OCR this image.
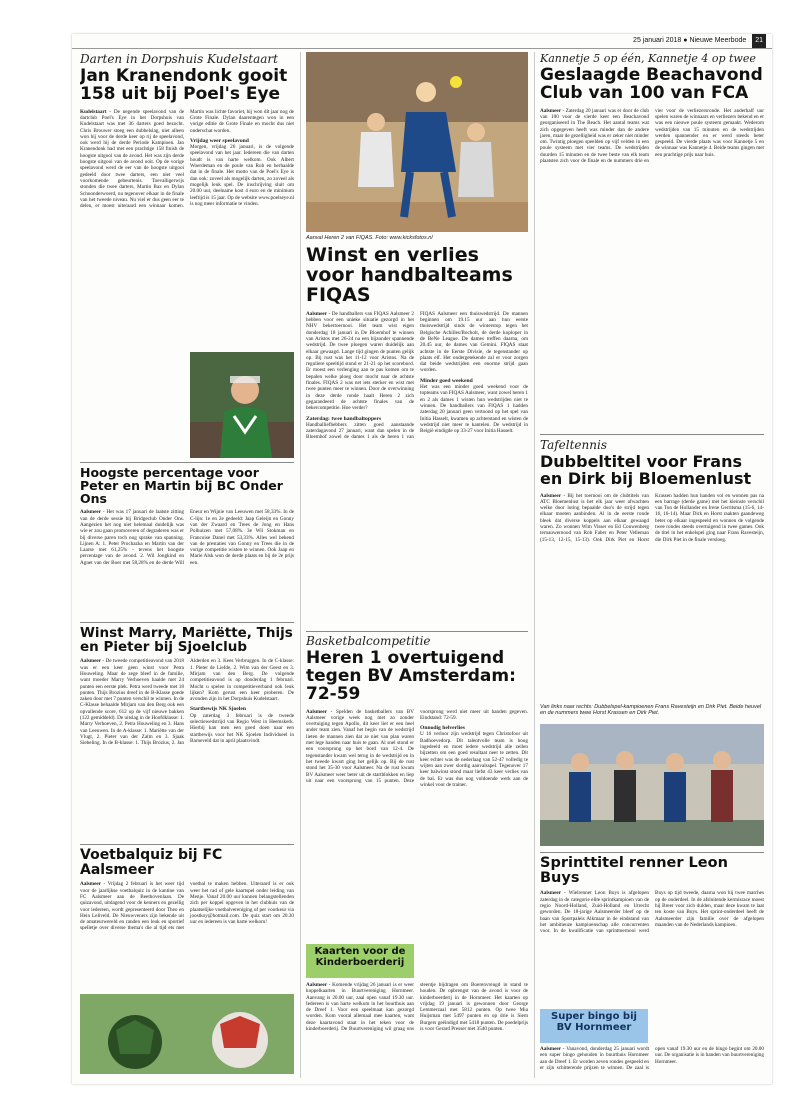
25 januari 2018 ● Nieuwe Meerbode 21
Darten in Dorpshuis Kudelstaart
Jan Kranendonk gooit 158 uit bij Poel's Eye
Kudelstaart - De negende speelavond van de dartclub Poel's Eye in het Dorpshuis van Kudelstaart was met 36 darters goed bezocht. Chris Brouwer stoeg een dubbelslag, niet alleen won hij voor de derde keer op rij de speelavond, ook werd hij de derde Periode Kampioen. Jan Kranendonk had met een prachtige 158 finish de hoogste uitgooi van de avond. Het was zijn derde hoogste uitgooi van de avond ooit. Op de vorige speelavond werd de eer van de hoogste uitgooi gedeeld door twee darters, een niet veel voorkomende gebeurtenis. Toevalligerwijs stonden die twee darters, Martin Bax en Dylan Schoonderwoerd, nu tegenover elkaar in de finale van het tweede niveau. Nu viel er dus geen eer te delen, er moest uiteraard een winnaar komen. Martin was lichte favoriet, hij won dit jaar nog de Grote Finale. Dylan daarentegen won in een vorige editie de Grote Finale en mocht dus niet onderschat worden.
Vrijdag weer speelavond
Morgen, vrijdag 26 januari, is de volgende speelavond van het jaar. Iedereen die van darten houdt is van harte welkom. Ook Albert Woerdeman en de poule van Rob en herhaalde dat in de finale. Het motto van de Poel's Eye is dan ook: zoveel als mogelijk darten, zo zoveel als mogelijk leuk spel. De inschrijving sluit om 20.00 uur, deelname kost 4 euro en de minimum leeftijd is 15 jaar. Op de website www.poelseye.nl is nog meer informatie te vinden.
Hoogste percentage voor Peter en Martin bij BC Onder Ons
Aalsmeer - Het was 17 januari de laatste zitting van de derde sessie bij Bridgeclub Onder Ons. Aangezien het nog niet helemaal duidelijk was wie er zou gaan promoveren of degraderen was er bij diverse paren toch nog sprake van spanning. Lijnen A: 1. Peter Prochazka en Martin van der Laarse met 61,25% - tevens het hoogste percentage van de avond. 2. Wil Jongkind en Agnet van der Boer met 58,28% en de derde Will Eneur en Wijnie van Leeuwen met 58,33%. In de C-lijn: 1e en 2e gedeeld: Jaap Geleijn en Gonny van der Zwaard en Trees de Jong en Hans Polhuizen met 57,08%. 3e Wil Stokman en Francoise Danel met 53,33%. Alles wel bekend van de prestaties van Gonny en Trees die in de vorige competitie wisten te winnen. Ook Jaap en Marie Alsk won de derde plaats en bij de 2e prijs een.
Winst Marry, Mariëtte, Thijs en Pieter bij Sjoelclub
Aalsmeer - De tweede competitieavond van 2018 was er een keer geen winst voor Petra Houweling. Maar de zege bleef in de familie, want moeder Marry Verhoeven haalde met 24 punten een eerste plek. Petra werd tweede met 18 punten. Thijs Brozius dreef in de B-Klasse goede zaken door met 7 punten verschil te winnen. In de C-Klasse behaalde Mirjam van den Berg ook een opvallende score, 612 op de vijf nieuwe bakken (122 gemiddeld). De uitslag in de Hoofdklasse: 1. Marry Verhoeven, 2. Petra Houweling en 3. Hans van Leeuwen. In de A-klasse: 1. Mariëtte van der Vlugt, 2. Pieter van der Zalm en 3. Sjaak Siebeling. In de B-klasse: 1. Thijs Brozius, 2. Jan Alderden en 3. Kees Verbruggen. In de C-klasse: 1. Pieter de Liefde, 2. Wim van der Geest en 3. Mirjam van den Berg. De volgende competitieavond is op donderdag 1 februari. Mocht u spelen in competitieverband ook leuk lijken? Kom gerust een keer proberen. De avonden zijn in het Dorpshuis Kudelstaart.
Startbewijs NK Sjoelen
Op zaterdag 3 februari is de tweede selectiewedstrijd van Regio West in Heemskerk. Hierbij kan men een goed doen naar een startbewijs voor het NK Sjoelen Individueel in Barneveld dat in april plaatsvindt.
Voetbalquiz bij FC Aalsmeer
Aalsmeer - Vrijdag 2 februari is het weer tijd voor de jaarlijkse voetbalquiz in de kantine van FC Aalsmeer aan de Beethovenlaan. De quizavond, uitdagend voor de kenners en gezellig voor iedereen, wordt gepresenteerd door Theo en Hein Leliveld. De Nieuwveners zijn bekende uit de amateurwereld en randen een leuk en sportief spelletje over diverse thema's die al tijd ets met voetbal te maken hebben. Uiteraard is er ook weer het rad of gele kaartspel onder leiding van Menje. Vanaf 20.00 uur kunnen belangstellenden zich per koppel opgeven in het clubhuis van de plaatselijke voetbalvereniging of per voorkeur via joostkoy@hotmail.com. De quiz start om 20.30 uur en iedereen is van harte welkom!
Aanval Heren 2 van FIQAS. Foto: www.kicksfotos.nl
Winst en verlies voor handbalteams FIQAS
Aalsmeer - De handballers van FIQAS Aalsmeer 2 hebben voor een unieke situatie gezorgd in het NHV bekertoernooi. Het team wist eigen donderdag 18 januari in De Bloemhof te winnen van Aristos met 26-24 na een bijzonder spannende wedstrijd. De twee ploegen waren duidelijk aan elkaar gewaagd. Lange tijd gingen de punten gelijk op. Bij rust was het 11-12 voor Aristos. Na de reguliere speeltijd stond er 21-21 op het scorebord. Er moest een verlenging aan te pas komen om te bepalen welke ploeg door mocht naar de achtste finales. FIQAS 2 was net iets sterker en wist met twee punten meer te winnen. Door de overwinning in deze derde ronde haalt Heren 2 zich gegarandeerd de achtste finales van de bekercompetitie. Hoe verder?
Zaterdag: twee handbaltoppers
Handballiefhebbers zitten goed aanstaande zaterdagavond 27 januari, want dan spelen in de Bloemhof zowel de dames 1 als de heren 1 van FIQAS Aalsmeer een thuiswedstrijd. De mannen beginnen om 19.15 uur aan hun eerste thuiswedstrijd sinds de winterstop tegen het Belgische Achilles/Bocholt, de derde koploper in de BeNe League. De dames treffen daarna, om 20.45 uur, de dames van Gemini. FIQAS staat achtste in de Eerste Divisie, de tegenstander op plaats elf. Het ondergetekende zal er voor zorgen dat beide wedstrijden een enorme strijd gaan worden.
Minder goed weekend
Het was een minder goed weekend voor de topteams van FIQAS Aalsmeer, want zowel heren 1 en 2 als dames 1 wisten hun wedstrijden niet te winnen. De handballers van FIQAS 1 hadden zaterdag 20 januari geen vertoond op het spel van Initia Hasselt, kwamen op achterstand en wisten de wedstrijd niet meer te kantelen. De wedstrijd in België eindigde op 33-27 voor Initia Hasselt.
Basketbalcompetitie
Heren 1 overtuigend tegen BV Amsterdam: 72-59
Aalsmeer - Spelden de basketballers van BV Aalsmeer vorige week nog met zo zonder overtuiging tegen Apollo, dit keer liet er een heel ander team zien. Vanaf het begin van de wedstrijd lieten de mannen zien dat ze niet van plan waren met lege handen naar huis te gaan. Al snel stond er een voorsprong op het bord van 12-4. De tegenstander kwam wel terug in de wedstrijd en in het tweede kwart ging het gelijk op. Bij de rust stond het 35-30 voor Aalsmeer. Na de rust kwam BV Aalsmeer weer beter uit de startblokken en liep uit naar een voorsprong van 15 punten. Deze voorsprong werd niet meer uit handen gegeven. Eindstand: 72-59.
Onnodig helverlies
U 16 verloor zijn wedstrijd tegen Christofoor uit Badhoevedorp. Dit talentvolle team is hoog ingedeeld en moet iedere wedstrijd alle zeilen bijzetten om een goed resultaat neer te zetten. Dit keer echter was de nederlaag van 52-47 volledig te wijten aan zwer slordig aanvalsspel. Tegenover 17 keer balwinst stond maar liefst 43 keer verlies van de bal. Er was dus nog voldoende werk aan de winkel voor de trainer.
Kaarten voor de Kinderboerderij
Aalsmeer - Komende vrijdag 26 januari is er weer koppelkaarten in Buurtvereniging Hornmeer. Aanvang is 20.00 uur, zaal open vanaf 19.30 uur. Iedereen is van harte welkom in het buurthuis aan de Dreef 1. Voor een speelmaat kan gezorgd worden. Kom vooral allemaal mee kaarten, want deze kaartavond staat in het teken voor de kinderboerderij. De Buurtvereniging wil graag ons steentje bijdragen om Boerenvreugd in stand te houden. De opbrengst van de avond is voor de kinderboerderij in de Hornmeer. Het kaarten op vrijdag 19 januari is gewonnen door George Lemmerzaal met 5812 punten. Op twee Mia Huijsman met 5497 punten en op drie is Siem Burgers geëindigd met 5418 punten. De poedelprijs is voor Gerard Presser met 3540 punten.
Kannetje 5 op één, Kannetje 4 op twee
Geslaagde Beachavond Club van 100 van FCA
Aalsmeer - Zaterdag 20 januari was er door de club van 100 voor de vierde keer een Beachavond georganiseerd in The Beach. Het aantal teams wat zich opgegeven heeft was minder dan de andere jaren, maar de gezelligheid was er zeker niet minder om. Twintig ploegen speelden op vijf velden in een poule systeem met vier teams. De wedstrijden duurden 15 minuten en de twee beste van elk team plaatsten zich voor de finale en de nummers drie en vier voor de verliezersronde. Het anderhalf uur spelen waren de winnaars en verliezers bekend en er was een nieuwe poule systeem gemaakt. Wederom wedstrijden van 15 minuten en de wedstrijden werden spannender en er werd steeds beter gespeeld. De vierde plaats was voor Kannetje 5 en de winnaar was Kannetje 4. Beide teams gingen met een prachtige prijs naar huis.
Tafeltennis
Dubbeltitel voor Frans en Dirk bij Bloemenlust
Aalsmeer - Bij het toernooi om de clubtitels van ATC Bloemenlust is het elk jaar weer afwachten welke door loting bepaalde duo's de strijd tegen elkaar moeten aanbinden. Al in de eerste ronde bleek dat diverse koppels aan elkaar gewaagd waren. Zo wonnen Wim Visser en Ed Couwenberg ternauwernood van Rob Faber en Peter Velleman (15-13, 12-15, 15-13). Ook Dirk Piet en Horst Krassen hadden hun handen vol en wonnen pas na een barrage (derde game) met het kleinste verschil van Ton de Hollander en Irene Gerritsma (15-6, 14-16, 16-14). Maar Dirk en Horst raakten gaandeweg beter op elkaar ingespeeld en wonnen de volgende twee rondes steeds overtuigend in twee games. Ook de titel in het enkelspel ging naar Frans Ravesteijn, die Dirk Piet in de finale versloeg.
Van links naar rechts: Dubbelspel-kampioenen Frans Ravesteijn en Dirk Piet. Beide heuvel en de nummers twee Horst Krassen en Dirk Piet.
Sprinttitel renner Leon Buys
Aalsmeer - Wielrenner Leon Buys is afgelopen zaterdag in de categorie elite sprintkampioen van de regio Noord-Holland, Zuid-Holland en Utrecht geworden. De 18-jarige Aalsmeerder bleef op de baan van Sportpaleis Alkmaar in de eindstand van het ambitieuze kampioenschap alle concurrenten voor. In de kwalificatie van sprinttoernooi werd Buys op tijd tweede, daarna won hij twee matches op de onderdeel. In de afsluitende kermisrace moest hij Breer voor zich dulden, maar deze kwam te laat ten koste van Buys. Het sprint-onderdeel heeft de Aalsmeerder zijn familie over de afgelopen maanden van de Nederlands kampioen.
Super bingo bij BV Hornmeer
Aalsmeer - Vanavond, donderdag 25 januari wordt een super bingo gehouden in buurthuis Hornmeer aan de Dreef 1. Er worden zeven rondes gespeeld en er zijn schitterende prijzen te winnen. De zaal is open vanaf 19.30 uur en de bingo begint om 20.00 uur. De organisatie is in handen van buurtvereniging Hornmeer.
